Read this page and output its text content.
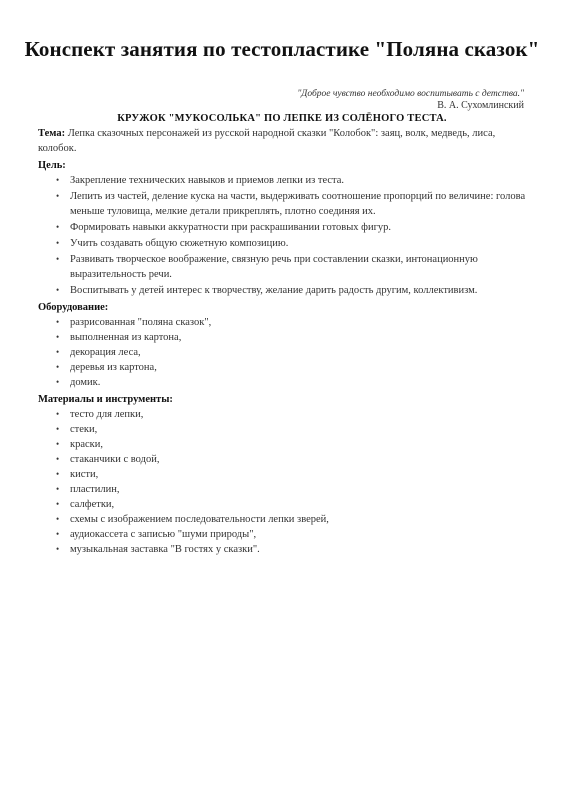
Конспект занятия по тестопластике "Поляна сказок"
"Доброе чувство необходимо воспитывать с детства."
В. А. Сухомлинский
КРУЖОК "МУКОСОЛЬКА" ПО ЛЕПКЕ ИЗ СОЛЁНОГО ТЕСТА.

Тема: Лепка сказочных персонажей из русской народной сказки "Колобок": заяц, волк, медведь, лиса, колобок.

Цель:
• Закрепление технических навыков и приемов лепки из теста.
• Лепить из частей, деление куска на части, выдерживать соотношение пропорций по величине: голова меньше туловища, мелкие детали прикреплять, плотно соединяя их.
• Формировать навыки аккуратности при раскрашивании готовых фигур.
• Учить создавать общую сюжетную композицию.
• Развивать творческое воображение, связную речь при составлении сказки, интонационную выразительность речи.
• Воспитывать у детей интерес к творчеству, желание дарить радость другим, коллективизм.
Оборудование:
• разрисованная "поляна сказок",
• выполненная из картона,
• декорация леса,
• деревья из картона,
• домик.
Материалы и инструменты:
• тесто для лепки,
• стеки,
• краски,
• стаканчики с водой,
• кисти,
• пластилин,
• салфетки,
• схемы с изображением последовательности лепки зверей,
• аудиокассета с записью "шуми природы",
• музыкальная заставка "В гостях у сказки".
